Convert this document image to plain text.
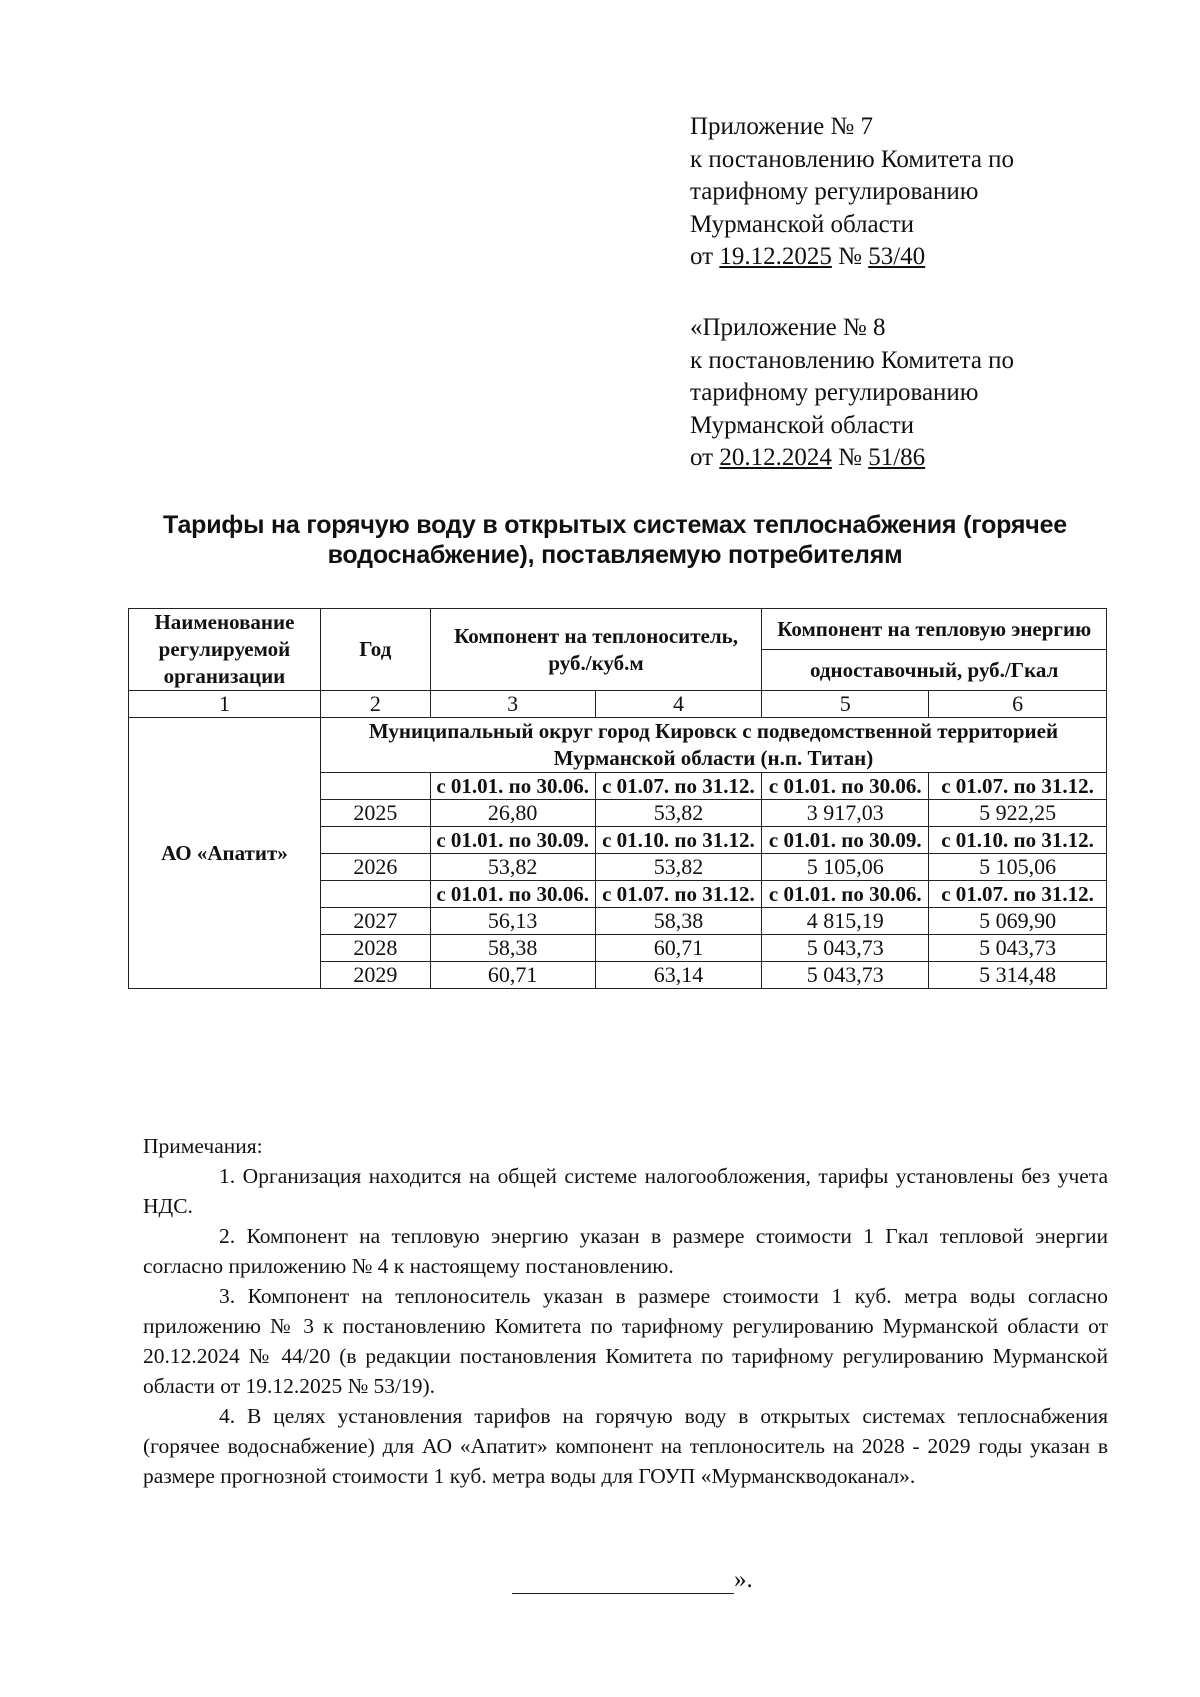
Приложение № 7
к постановлению Комитета по
тарифному регулированию
Мурманской области
от 19.12.2025 № 53/40
«Приложение № 8
к постановлению Комитета по
тарифному регулированию
Мурманской области
от 20.12.2024 № 51/86
Тарифы на горячую воду в открытых системах теплоснабжения (горячее
водоснабжение), поставляемую потребителям
Наименование регулируемой организации	Год	Компонент на теплоноситель, руб./куб.м		Компонент на тепловую энергию	
				одноставочный, руб./Гкал	
1	2	3	4	5	6
АО «Апатит»	Муниципальный округ город Кировск с подведомственной территорией Мурманской области (н.п. Титан)				
		с 01.01. по 30.06.	с 01.07. по 31.12.	с 01.01. по 30.06.	с 01.07. по 31.12.
	2025	26,80	53,82	3 917,03	5 922,25
		с 01.01. по 30.09.	с 01.10. по 31.12.	с 01.01. по 30.09.	с 01.10. по 31.12.
	2026	53,82	53,82	5 105,06	5 105,06
		с 01.01. по 30.06.	с 01.07. по 31.12.	с 01.01. по 30.06.	с 01.07. по 31.12.
	2027	56,13	58,38	4 815,19	5 069,90
	2028	58,38	60,71	5 043,73	5 043,73
	2029	60,71	63,14	5 043,73	5 314,48

Примечания:

1. Организация находится на общей системе налогообложения, тарифы установлены без учета НДС.

2. Компонент на тепловую энергию указан в размере стоимости 1 Гкал тепловой энергии согласно приложению № 4 к настоящему постановлению.

3. Компонент на теплоноситель указан в размере стоимости 1 куб. метра воды согласно приложению № 3 к постановлению Комитета по тарифному регулированию Мурманской области от 20.12.2024 № 44/20 (в редакции постановления Комитета по тарифному регулированию Мурманской области от 19.12.2025 № 53/19).

4. В целях установления тарифов на горячую воду в открытых системах теплоснабжения (горячее водоснабжение) для АО «Апатит» компонент на теплоноситель на 2028 - 2029 годы указан в размере прогнозной стоимости 1 куб. метра воды для ГОУП «Мурманскводоканал».

».
